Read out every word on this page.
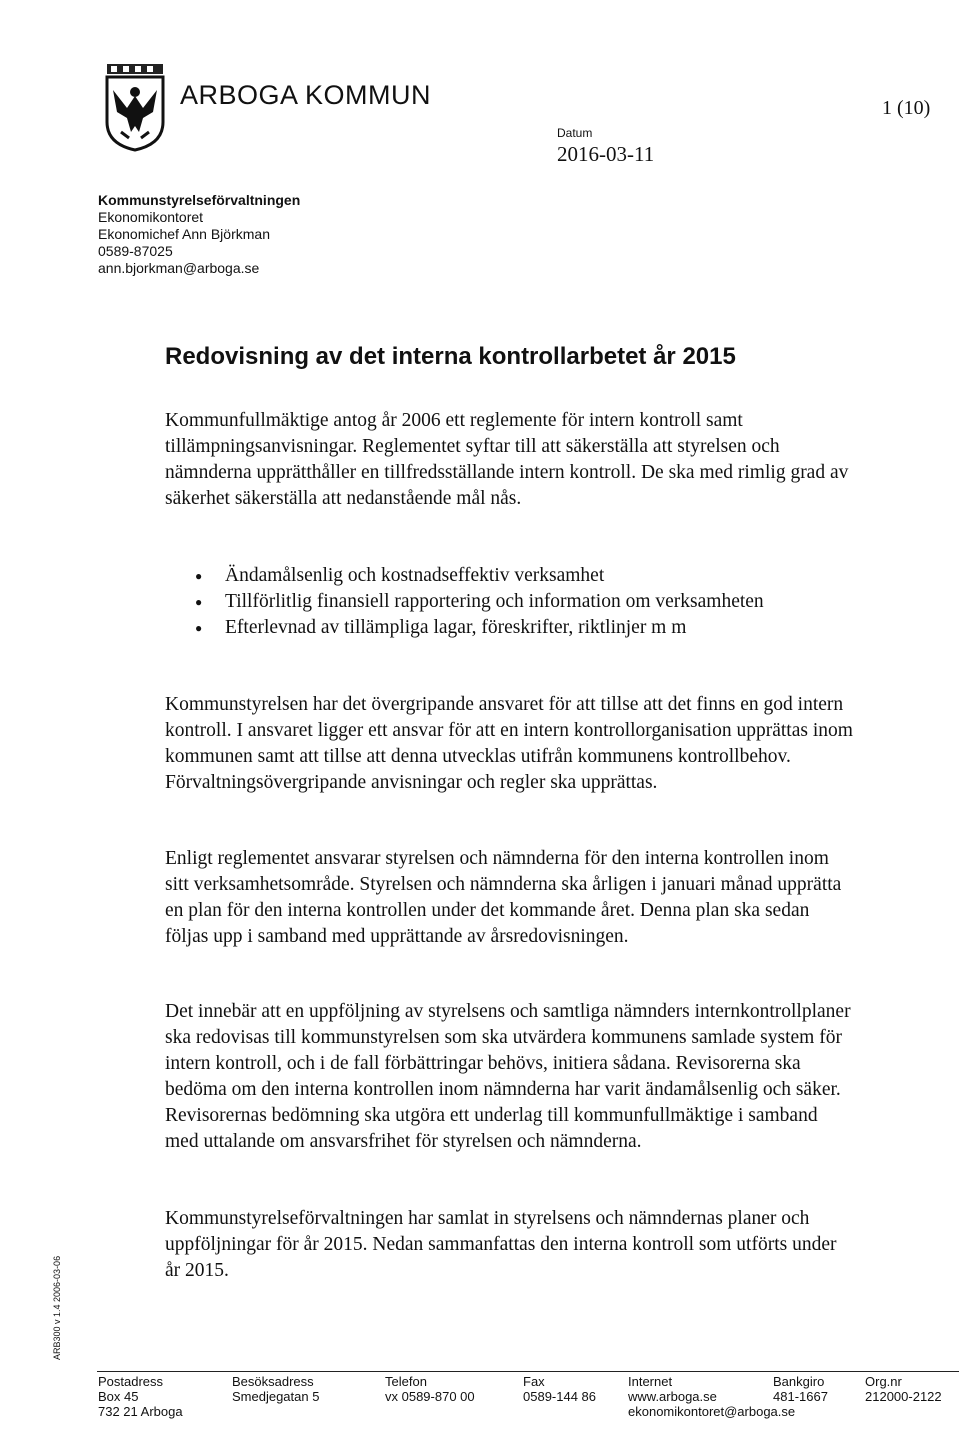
ARBOGA KOMMUN	1 (10)
Datum
2016-03-11
Kommunstyrelseförvaltningen
Ekonomikontoret
Ekonomichef Ann Björkman
0589-87025
ann.bjorkman@arboga.se
Redovisning av det interna kontrollarbetet år 2015

Kommunfullmäktige antog år 2006 ett reglemente för intern kontroll samt tillämpningsanvisningar. Reglementet syftar till att säkerställa att styrelsen och nämnderna upprätthåller en tillfredsställande intern kontroll. De ska med rimlig grad av säkerhet säkerställa att nedanstående mål nås.

● Ändamålsenlig och kostnadseffektiv verksamhet
● Tillförlitlig finansiell rapportering och information om verksamheten
● Efterlevnad av tillämpliga lagar, föreskrifter, riktlinjer m m

Kommunstyrelsen har det övergripande ansvaret för att tillse att det finns en god intern kontroll. I ansvaret ligger ett ansvar för att en intern kontrollorganisation upprättas inom kommunen samt att tillse att denna utvecklas utifrån kommunens kontrollbehov. Förvaltningsövergripande anvisningar och regler ska upprättas.

Enligt reglementet ansvarar styrelsen och nämnderna för den interna kontrollen inom sitt verksamhetsområde. Styrelsen och nämnderna ska årligen i januari månad upprätta en plan för den interna kontrollen under det kommande året. Denna plan ska sedan följas upp i samband med upprättande av årsredovisningen.

Det innebär att en uppföljning av styrelsens och samtliga nämnders internkontrollplaner ska redovisas till kommunstyrelsen som ska utvärdera kommunens samlade system för intern kontroll, och i de fall förbättringar behövs, initiera sådana. Revisorerna ska bedöma om den interna kontrollen inom nämnderna har varit ändamålsenlig och säker. Revisorernas bedömning ska utgöra ett underlag till kommunfullmäktige i samband med uttalande om ansvarsfrihet för styrelsen och nämnderna.

Kommunstyrelseförvaltningen har samlat in styrelsens och nämndernas planer och uppföljningar för år 2015. Nedan sammanfattas den interna kontroll som utförts under år 2015.

ARB300 v 1.4 2006-03-06
Postadress
Box 45
732 21 Arboga
Besöksadress
Smedjegatan 5
Telefon
vx 0589-870 00
Fax
0589-144 86
Internet
www.arboga.se
ekonomikontoret@arboga.se
Bankgiro
481-1667
Org.nr
212000-2122
